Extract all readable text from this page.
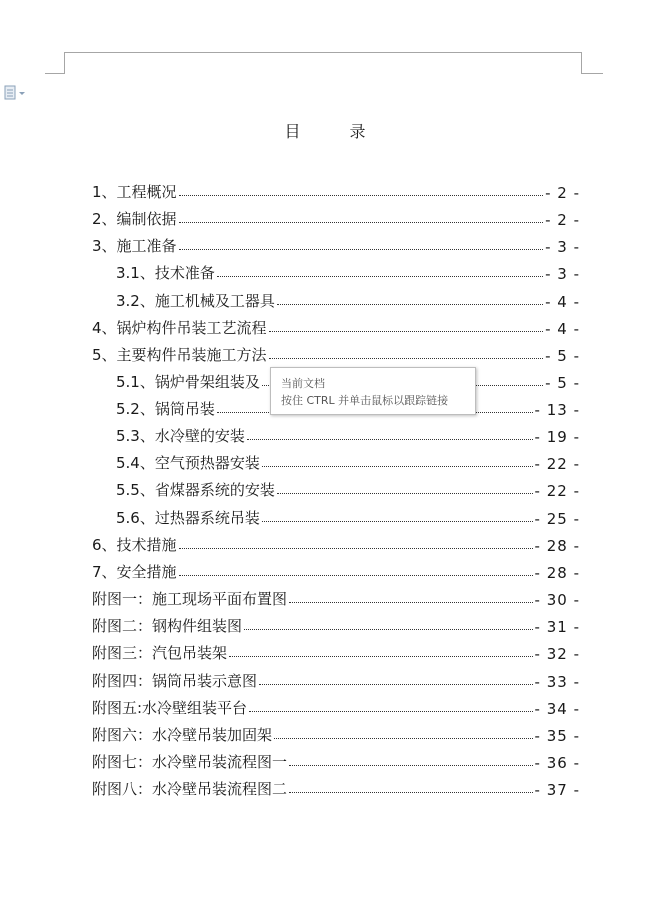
目 录
1、工程概况	- 2 -
2、编制依据	- 2 -
3、施工准备	- 3 -
3.1、技术准备	- 3 -
3.2、施工机械及工器具	- 4 -
4、锅炉构件吊装工艺流程	- 4 -
5、主要构件吊装施工方法	- 5 -
5.1、锅炉骨架组装及	- 5 -
5.2、锅筒吊装	- 13 -
5.3、水冷壁的安装	- 19 -
5.4、空气预热器安装	- 22 -
5.5、省煤器系统的安装	- 22 -
5.6、过热器系统吊装	- 25 -
6、技术措施	- 28 -
7、安全措施	- 28 -
附图一：施工现场平面布置图	- 30 -
附图二：钢构件组装图	- 31 -
附图三：汽包吊装架	- 32 -
附图四：锅筒吊装示意图	- 33 -
附图五:水冷壁组装平台	- 34 -
附图六：水冷壁吊装加固架	- 35 -
附图七：水冷壁吊装流程图一	- 36 -
附图八：水冷壁吊装流程图二	- 37 -
当前文档
按住 CTRL 并单击鼠标以跟踪链接
